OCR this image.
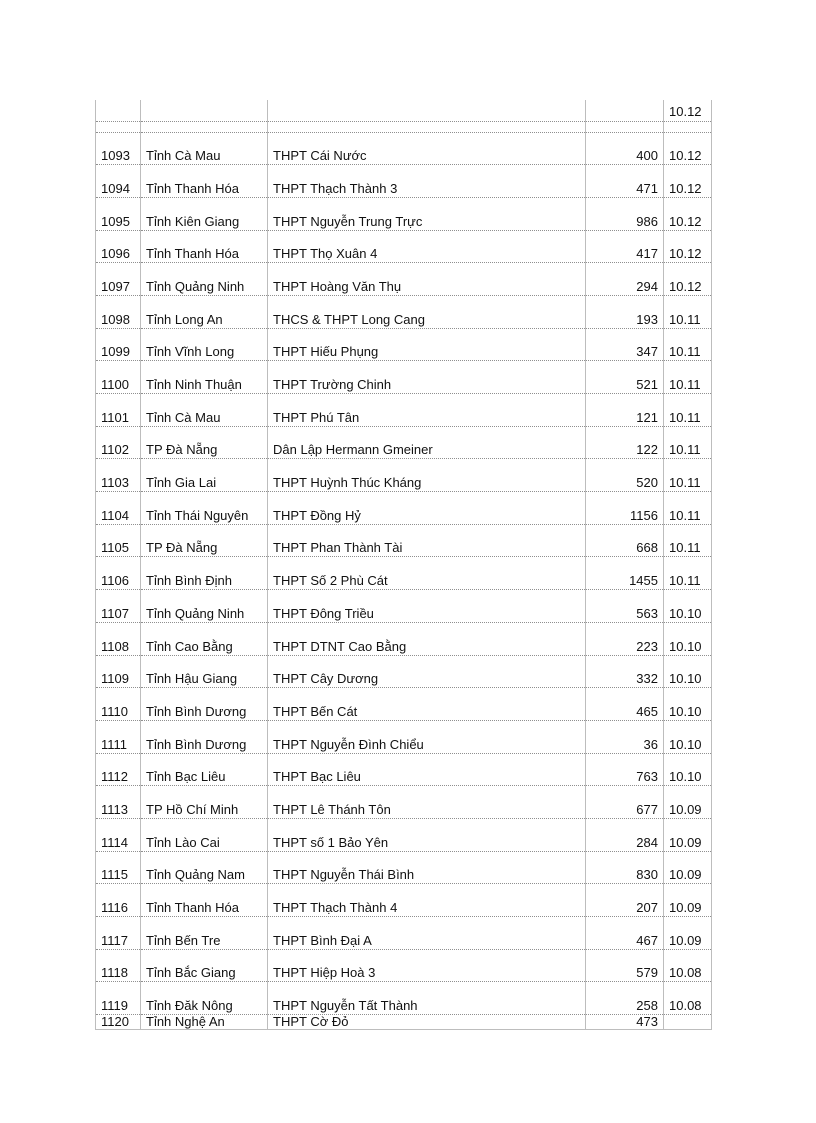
				10.12

1093	Tỉnh Cà Mau	THPT Cái Nước	400	10.12
1094	Tỉnh Thanh Hóa	THPT Thạch Thành 3	471	10.12
1095	Tỉnh Kiên Giang	THPT Nguyễn Trung Trực	986	10.12
1096	Tỉnh Thanh Hóa	THPT Thọ Xuân 4	417	10.12
1097	Tỉnh Quảng Ninh	THPT Hoàng Văn Thụ	294	10.12
1098	Tỉnh Long An	THCS & THPT Long Cang	193	10.11
1099	Tỉnh Vĩnh Long	THPT Hiếu Phụng	347	10.11
1100	Tỉnh Ninh Thuận	THPT Trường Chinh	521	10.11
1101	Tỉnh Cà Mau	THPT Phú Tân	121	10.11
1102	TP Đà Nẵng	Dân Lập Hermann Gmeiner	122	10.11
1103	Tỉnh Gia Lai	THPT Huỳnh Thúc Kháng	520	10.11
1104	Tỉnh Thái Nguyên	THPT Đồng Hỷ	1156	10.11
1105	TP Đà Nẵng	THPT Phan Thành Tài	668	10.11
1106	Tỉnh Bình Định	THPT Số 2 Phù Cát	1455	10.11
1107	Tỉnh Quảng Ninh	THPT Đông Triều	563	10.10
1108	Tỉnh Cao Bằng	THPT DTNT Cao Bằng	223	10.10
1109	Tỉnh Hậu Giang	THPT Cây Dương	332	10.10
1110	Tỉnh Bình Dương	THPT Bến Cát	465	10.10
1111	Tỉnh Bình Dương	THPT Nguyễn Đình Chiểu	36	10.10
1112	Tỉnh Bạc Liêu	THPT Bạc Liêu	763	10.10
1113	TP Hồ Chí Minh	THPT Lê Thánh Tôn	677	10.09
1114	Tỉnh Lào Cai	THPT số 1 Bảo Yên	284	10.09
1115	Tỉnh Quảng Nam	THPT Nguyễn Thái Bình	830	10.09
1116	Tỉnh Thanh Hóa	THPT Thạch Thành 4	207	10.09
1117	Tỉnh Bến Tre	THPT Bình Đại A	467	10.09
1118	Tỉnh Bắc Giang	THPT Hiệp Hoà 3	579	10.08
1119	Tỉnh Đăk Nông	THPT Nguyễn Tất Thành	258	10.08
1120	Tỉnh Nghệ An	THPT Cờ Đỏ	473	
